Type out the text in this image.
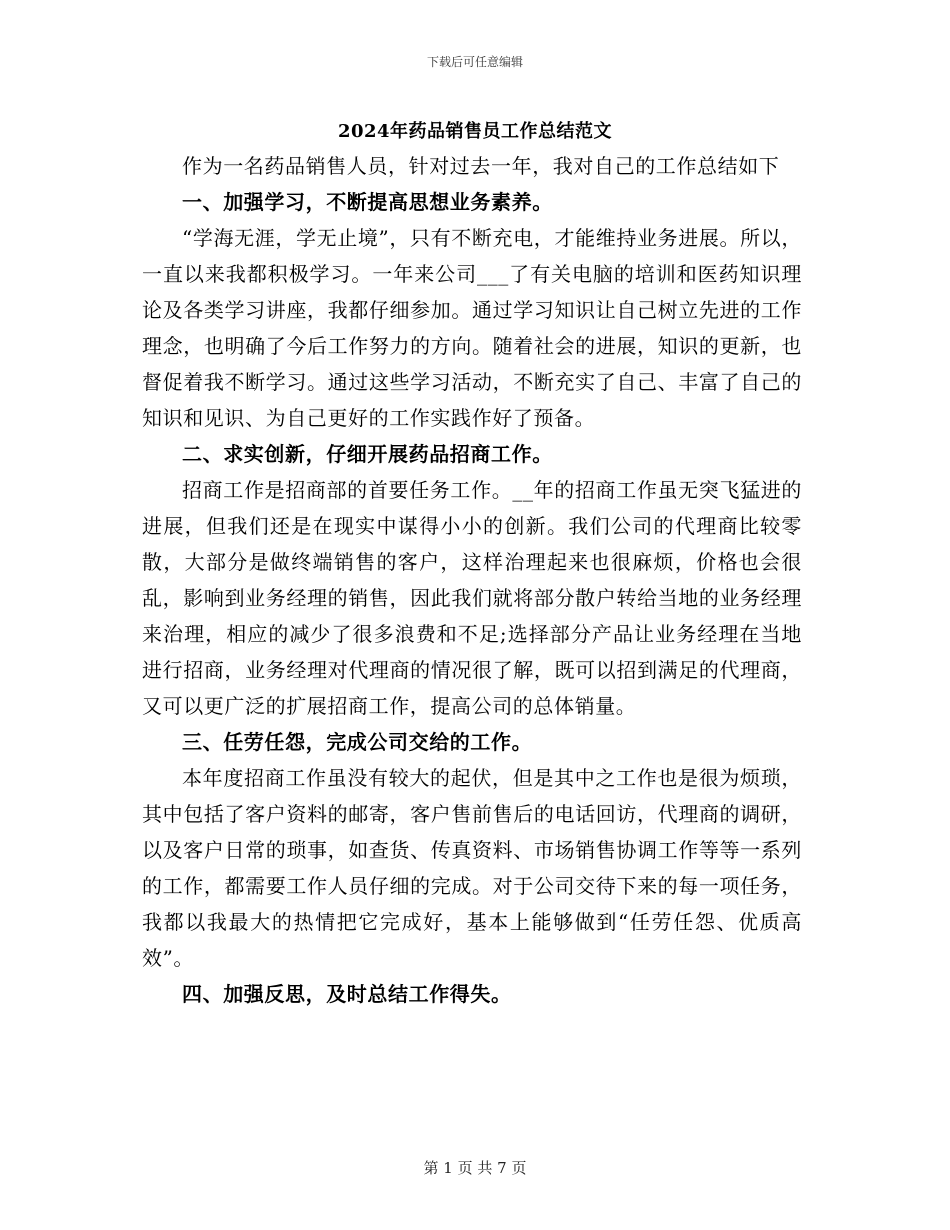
下载后可任意编辑
2024年药品销售员工作总结范文

作为一名药品销售人员，针对过去一年，我对自己的工作总结如下

一、加强学习，不断提高思想业务素养。

“学海无涯，学无止境”，只有不断充电，才能维持业务进展。所以，一直以来我都积极学习。一年来公司___了有关电脑的培训和医药知识理论及各类学习讲座，我都仔细参加。通过学习知识让自己树立先进的工作理念，也明确了今后工作努力的方向。随着社会的进展，知识的更新，也督促着我不断学习。通过这些学习活动，不断充实了自己、丰富了自己的知识和见识、为自己更好的工作实践作好了预备。

二、求实创新，仔细开展药品招商工作。

招商工作是招商部的首要任务工作。__年的招商工作虽无突飞猛进的进展，但我们还是在现实中谋得小小的创新。我们公司的代理商比较零散，大部分是做终端销售的客户，这样治理起来也很麻烦，价格也会很乱，影响到业务经理的销售，因此我们就将部分散户转给当地的业务经理来治理，相应的减少了很多浪费和不足;选择部分产品让业务经理在当地进行招商，业务经理对代理商的情况很了解，既可以招到满足的代理商，又可以更广泛的扩展招商工作，提高公司的总体销量。

三、任劳任怨，完成公司交给的工作。

本年度招商工作虽没有较大的起伏，但是其中之工作也是很为烦琐，其中包括了客户资料的邮寄，客户售前售后的电话回访，代理商的调研，以及客户日常的琐事，如查货、传真资料、市场销售协调工作等等一系列的工作，都需要工作人员仔细的完成。对于公司交待下来的每一项任务，我都以我最大的热情把它完成好，基本上能够做到“任劳任怨、优质高效”。

四、加强反思，及时总结工作得失。

第 1 页 共 7 页
